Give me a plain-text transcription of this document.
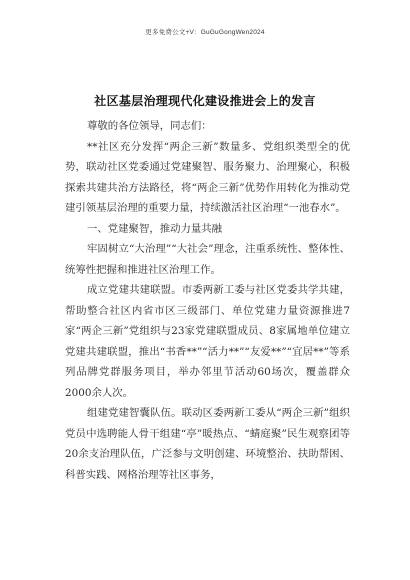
更多免费公文+V：GuGuGongWen2024
社区基层治理现代化建设推进会上的发言

尊敬的各位领导，同志们：

**社区充分发挥“两企三新”数量多、党组织类型全的优势，联动社区党委通过党建聚智、服务聚力、治理聚心，积极探索共建共治方法路径，将“两企三新”优势作用转化为推动党建引领基层治理的重要力量，持续激活社区治理“一池春水”。

一、党建聚智，推动力量共融

牢固树立“大治理”“大社会”理念，注重系统性、整体性、统筹性把握和推进社区治理工作。

成立党建共建联盟。市委两新工委与社区党委共学共建，帮助整合社区内省市区三级部门、单位党建力量资源推进7家“两企三新”党组织与23家党建联盟成员、8家属地单位建立党建共建联盟，推出“书香**”“活力**”“友爱**”“宜居**”等系列品牌党群服务项目，举办邻里节活动60场次，覆盖群众2000余人次。

组建党建智囊队伍。联动区委两新工委从“两企三新”组织党员中选聘能人骨干组建“亭”暖热点、“蜻庭聚”民生观察团等20余支治理队伍，广泛参与文明创建、环境整治、扶助帮困、科普实践、网格治理等社区事务，
